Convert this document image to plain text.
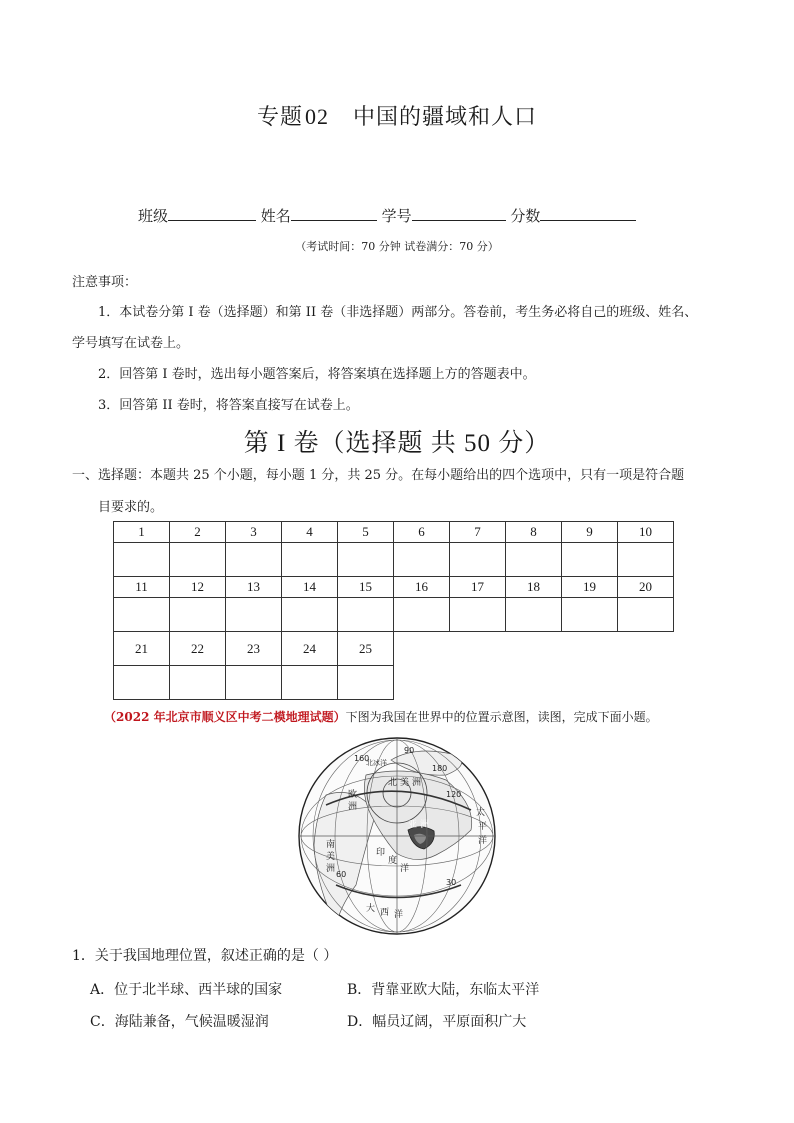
专题02 中国的疆域和人口
班级	姓名	学号	分数
（考试时间：70 分钟 试卷满分：70 分）
注意事项：
1．本试卷分第 I 卷（选择题）和第 II 卷（非选择题）两部分。答卷前，考生务必将自己的班级、姓名、
学号填写在试卷上。
2．回答第 I 卷时，选出每小题答案后，将答案填在选择题上方的答题表中。
3．回答第 II 卷时，将答案直接写在试卷上。
第 I 卷（选择题 共 50 分）
一、选择题：本题共 25 个小题，每小题 1 分，共 25 分。在每小题给出的四个选项中，只有一项是符合题
目要求的。
1	2	3	4	5	6	7	8	9	10

11	12	13	14	15	16	17	18	19	20

21	22	23	24	25					

（2022 年北京市顺义区中考二模地理试题）下图为我国在世界中的位置示意图，读图，完成下面小题。
90
180
160
120
30
60
北 美 洲
欧
洲
太
平
洋
印
度
洋
南
美
洲
大 西 洋
亚 洲
北冰洋
1．关于我国地理位置，叙述正确的是（ ）
A．位于北半球、西半球的国家	B．背靠亚欧大陆，东临太平洋
C．海陆兼备，气候温暖湿润	D．幅员辽阔，平原面积广大
